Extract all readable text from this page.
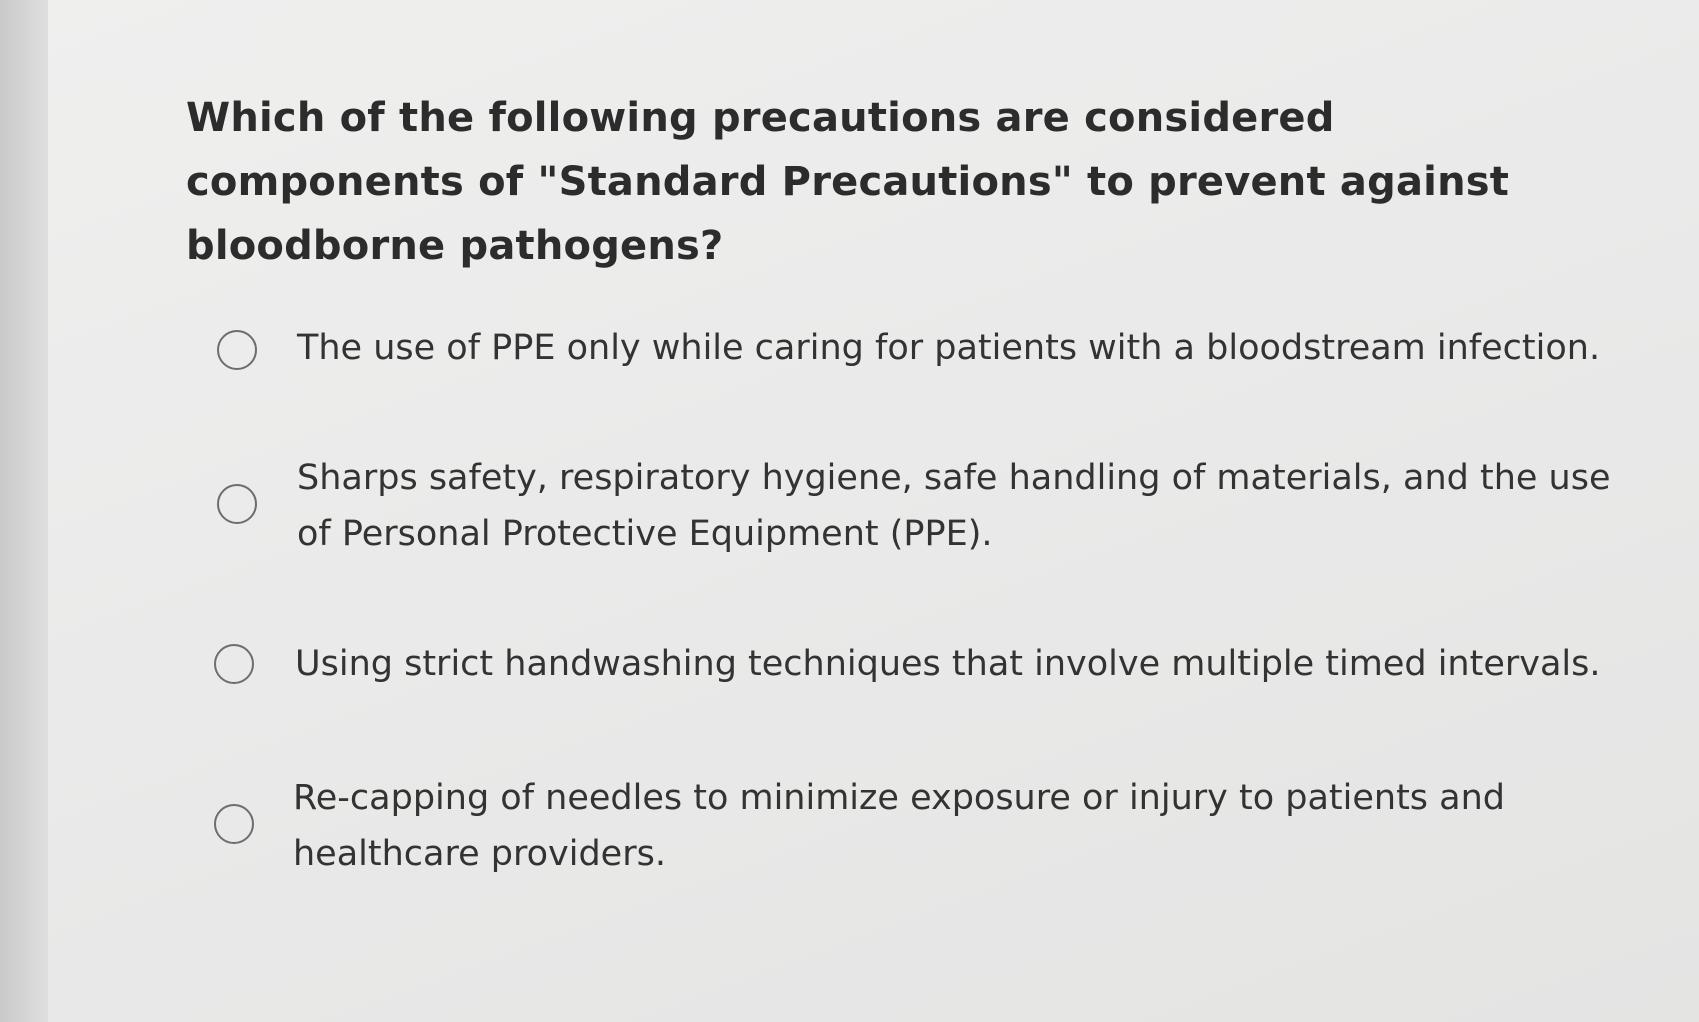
Which of the following precautions are considered components of "Standard Precautions" to prevent against bloodborne pathogens?
The use of PPE only while caring for patients with a bloodstream infection.
Sharps safety, respiratory hygiene, safe handling of materials, and the use of Personal Protective Equipment (PPE).
Using strict handwashing techniques that involve multiple timed intervals.
Re-capping of needles to minimize exposure or injury to patients and healthcare providers.
